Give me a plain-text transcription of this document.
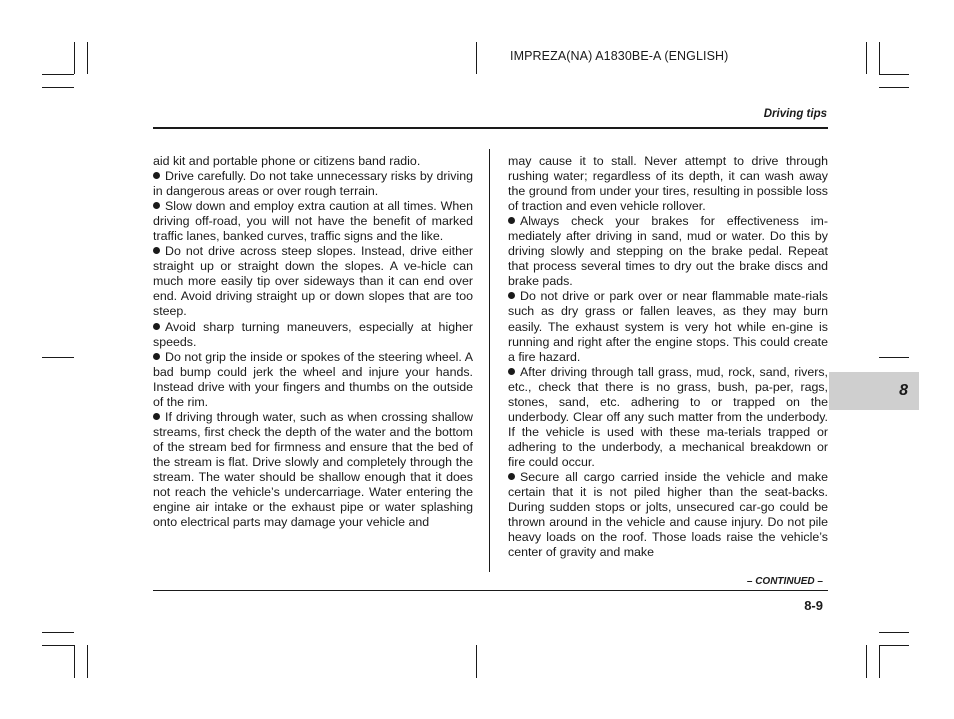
IMPREZA(NA) A1830BE-A (ENGLISH)
Driving tips

aid kit and portable phone or citizens band radio.

Drive carefully. Do not take unnecessary risks by driving in dangerous areas or over rough terrain.

Slow down and employ extra caution at all times. When driving off-road, you will not have the benefit of marked traffic lanes, banked curves, traffic signs and the like.

Do not drive across steep slopes. Instead, drive either straight up or straight down the slopes. A ve-hicle can much more easily tip over sideways than it can end over end. Avoid driving straight up or down slopes that are too steep.

Avoid sharp turning maneuvers, especially at higher speeds.

Do not grip the inside or spokes of the steering wheel. A bad bump could jerk the wheel and injure your hands. Instead drive with your fingers and thumbs on the outside of the rim.

If driving through water, such as when crossing shallow streams, first check the depth of the water and the bottom of the stream bed for firmness and ensure that the bed of the stream is flat. Drive slowly and completely through the stream. The water should be shallow enough that it does not reach the vehicle’s undercarriage. Water entering the engine air intake or the exhaust pipe or water splashing onto electrical parts may damage your vehicle and

may cause it to stall. Never attempt to drive through rushing water; regardless of its depth, it can wash away the ground from under your tires, resulting in possible loss of traction and even vehicle rollover.

Always check your brakes for effectiveness im-mediately after driving in sand, mud or water. Do this by driving slowly and stepping on the brake pedal. Repeat that process several times to dry out the brake discs and brake pads.

Do not drive or park over or near flammable mate-rials such as dry grass or fallen leaves, as they may burn easily. The exhaust system is very hot while en-gine is running and right after the engine stops. This could create a fire hazard.

After driving through tall grass, mud, rock, sand, rivers, etc., check that there is no grass, bush, pa-per, rags, stones, sand, etc. adhering to or trapped on the underbody. Clear off any such matter from the underbody. If the vehicle is used with these ma-terials trapped or adhering to the underbody, a mechanical breakdown or fire could occur.

Secure all cargo carried inside the vehicle and make certain that it is not piled higher than the seat-backs. During sudden stops or jolts, unsecured car-go could be thrown around in the vehicle and cause injury. Do not pile heavy loads on the roof. Those loads raise the vehicle’s center of gravity and make

8
– CONTINUED –
8-9
